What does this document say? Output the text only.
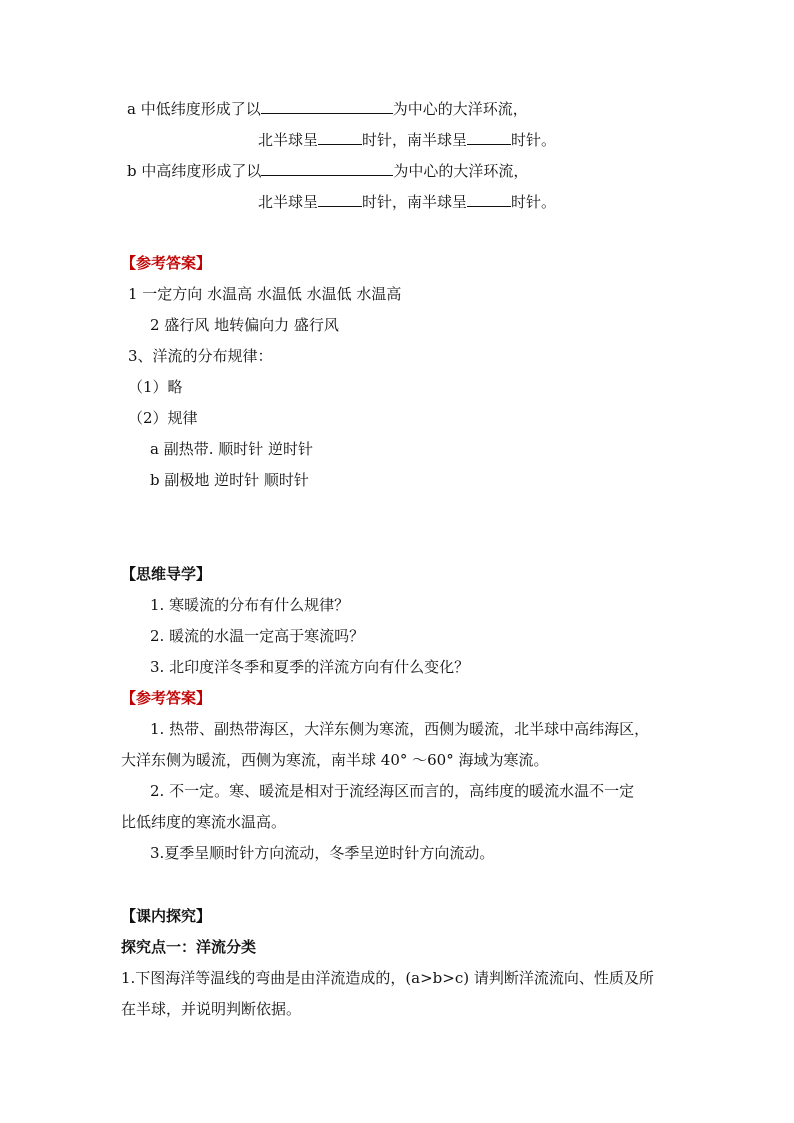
a 中低纬度形成了以	为中心的大洋环流，
北半球呈	时针，南半球呈	时针。
b 中高纬度形成了以	为中心的大洋环流，
北半球呈	时针，南半球呈	时针。
【参考答案】
1 一定方向 水温高 水温低 水温低 水温高
2 盛行风 地转偏向力 盛行风
3、洋流的分布规律：
（1）略
（2）规律
a 副热带. 顺时针 逆时针
b 副极地 逆时针 顺时针
【思维导学】
1. 寒暖流的分布有什么规律？
2. 暖流的水温一定高于寒流吗？
3. 北印度洋冬季和夏季的洋流方向有什么变化？
【参考答案】
1. 热带、副热带海区，大洋东侧为寒流，西侧为暖流，北半球中高纬海区，
大洋东侧为暖流，西侧为寒流，南半球 40° ～60° 海域为寒流。
2. 不一定。寒、暖流是相对于流经海区而言的，高纬度的暖流水温不一定
比低纬度的寒流水温高。
3.夏季呈顺时针方向流动，冬季呈逆时针方向流动。
【课内探究】
探究点一：洋流分类
1.下图海洋等温线的弯曲是由洋流造成的，(a>b>c) 请判断洋流流向、性质及所
在半球，并说明判断依据。
